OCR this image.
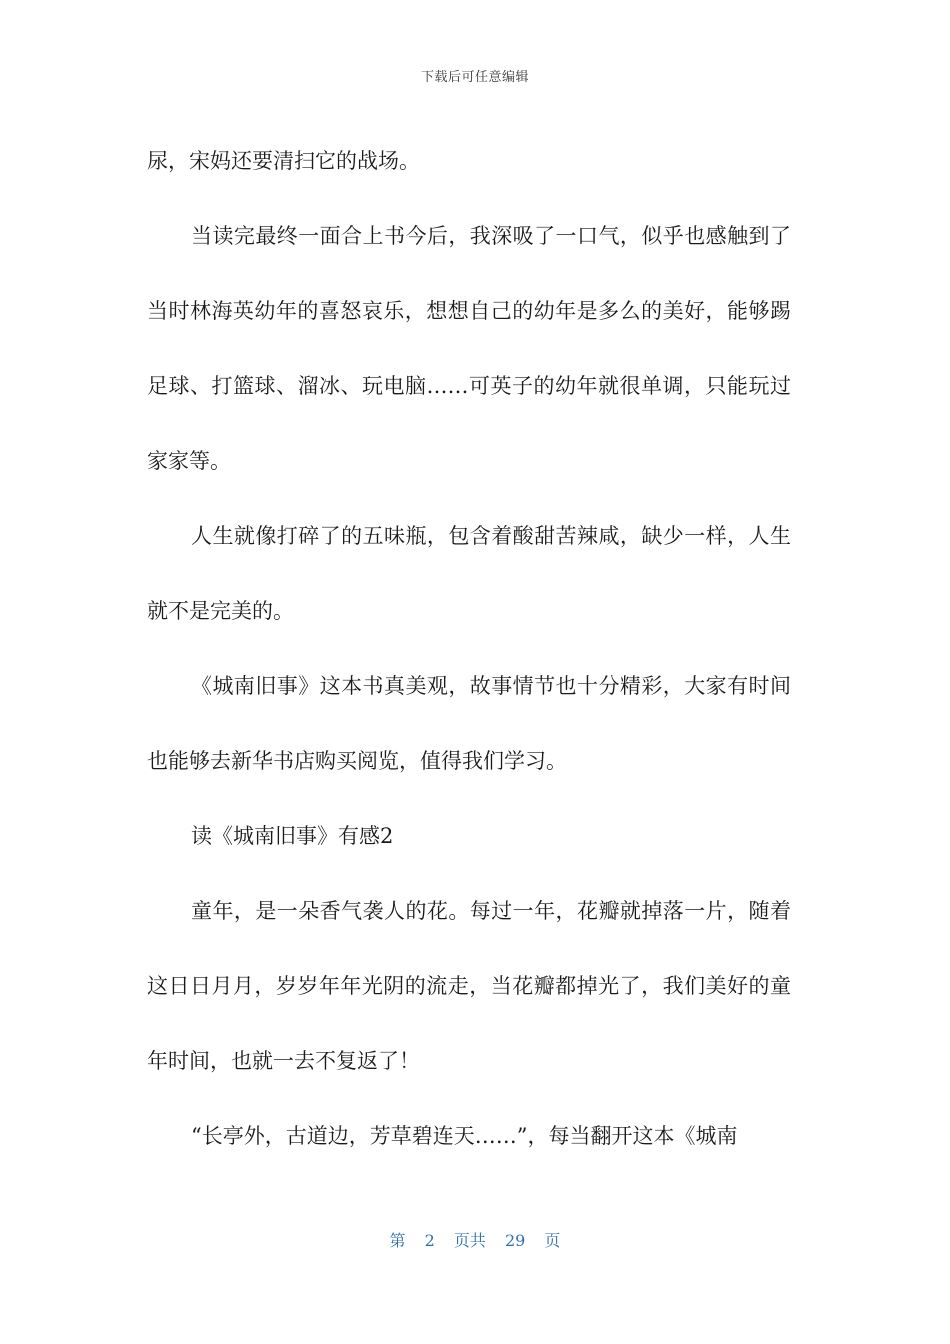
下载后可任意编辑

尿，宋妈还要清扫它的战场。

当读完最终一面合上书今后，我深吸了一口气，似乎也感触到了当时林海英幼年的喜怒哀乐，想想自己的幼年是多么的美好，能够踢足球、打篮球、溜冰、玩电脑……可英子的幼年就很单调，只能玩过家家等。

人生就像打碎了的五味瓶，包含着酸甜苦辣咸，缺少一样，人生就不是完美的。

《城南旧事》这本书真美观，故事情节也十分精彩，大家有时间也能够去新华书店购买阅览，值得我们学习。

读《城南旧事》有感2

童年，是一朵香气袭人的花。每过一年，花瓣就掉落一片，随着这日日月月，岁岁年年光阴的流走，当花瓣都掉光了，我们美好的童年时间，也就一去不复返了！

“长亭外，古道边，芳草碧连天……”，每当翻开这本《城南

第 2 页共 29 页
